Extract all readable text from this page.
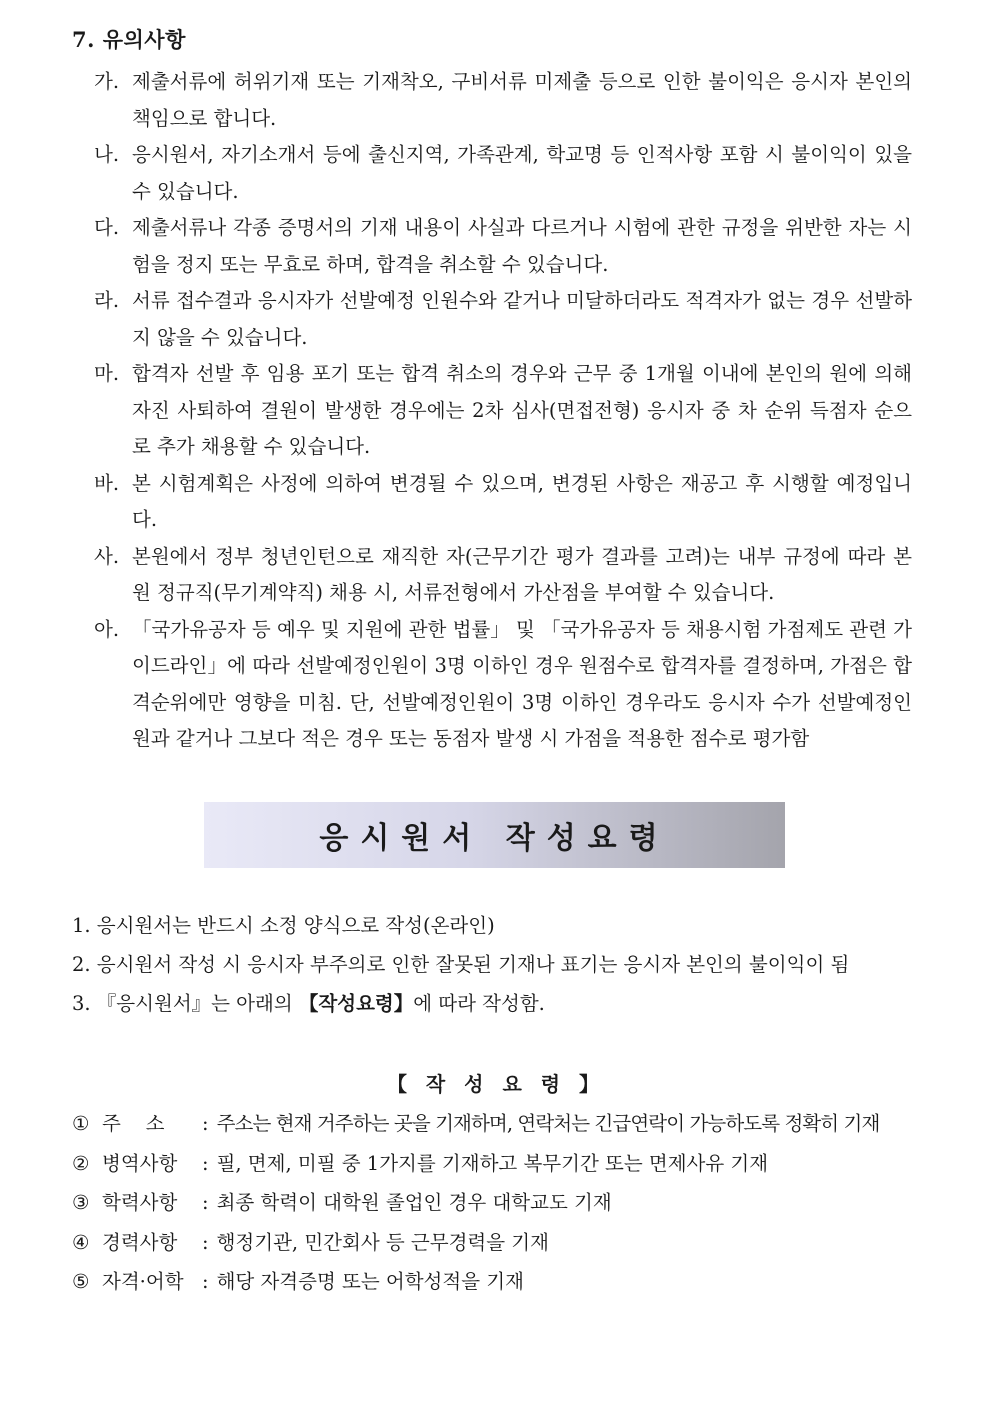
7. 유의사항
가. 제출서류에 허위기재 또는 기재착오, 구비서류 미제출 등으로 인한 불이익은 응시자 본인의 책임으로 합니다.
나. 응시원서, 자기소개서 등에 출신지역, 가족관계, 학교명 등 인적사항 포함 시 불이익이 있을 수 있습니다.
다. 제출서류나 각종 증명서의 기재 내용이 사실과 다르거나 시험에 관한 규정을 위반한 자는 시험을 정지 또는 무효로 하며, 합격을 취소할 수 있습니다.
라. 서류 접수결과 응시자가 선발예정 인원수와 같거나 미달하더라도 적격자가 없는 경우 선발하지 않을 수 있습니다.
마. 합격자 선발 후 임용 포기 또는 합격 취소의 경우와 근무 중 1개월 이내에 본인의 원에 의해 자진 사퇴하여 결원이 발생한 경우에는 2차 심사(면접전형) 응시자 중 차 순위 득점자 순으로 추가 채용할 수 있습니다.
바. 본 시험계획은 사정에 의하여 변경될 수 있으며, 변경된 사항은 재공고 후 시행할 예정입니다.
사. 본원에서 정부 청년인턴으로 재직한 자(근무기간 평가 결과를 고려)는 내부 규정에 따라 본원 정규직(무기계약직) 채용 시, 서류전형에서 가산점을 부여할 수 있습니다.
아. 「국가유공자 등 예우 및 지원에 관한 법률」 및 「국가유공자 등 채용시험 가점제도 관련 가이드라인」에 따라 선발예정인원이 3명 이하인 경우 원점수로 합격자를 결정하며, 가점은 합격순위에만 영향을 미침. 단, 선발예정인원이 3명 이하인 경우라도 응시자 수가 선발예정인원과 같거나 그보다 적은 경우 또는 동점자 발생 시 가점을 적용한 점수로 평가함
응시원서 작성요령
1. 응시원서는 반드시 소정 양식으로 작성(온라인)
2. 응시원서 작성 시 응시자 부주의로 인한 잘못된 기재나 표기는 응시자 본인의 불이익이 됨
3. 『응시원서』는 아래의 【작성요령】에 따라 작성함.
【 작 성 요 령 】
① 주    소	: 주소는 현재 거주하는 곳을 기재하며, 연락처는 긴급연락이 가능하도록 정확히 기재
② 병역사항	: 필, 면제, 미필 중 1가지를 기재하고 복무기간 또는 면제사유 기재
③ 학력사항	: 최종 학력이 대학원 졸업인 경우 대학교도 기재
④ 경력사항	: 행정기관, 민간회사 등 근무경력을 기재
⑤ 자격·어학 : 해당 자격증명 또는 어학성적을 기재
